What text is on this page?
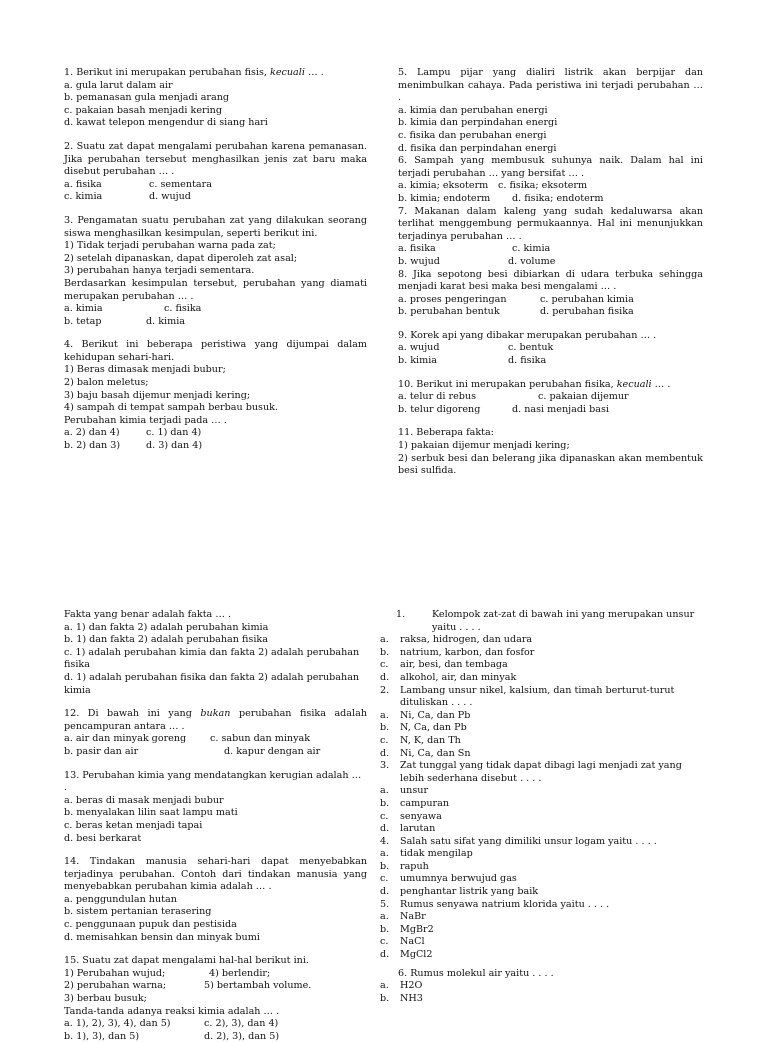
1. Berikut ini merupakan perubahan fisis, kecuali … .

a. gula larut dalam air

b. pemanasan gula menjadi arang

c. pakaian basah menjadi kering

d. kawat telepon mengendur di siang hari

2. Suatu zat dapat mengalami perubahan karena pemanasan. Jika perubahan tersebut menghasilkan jenis zat baru maka disebut perubahan … .

a. fisika	c. sementara
c. kimia	d. wujud

3. Pengamatan suatu perubahan zat yang dilakukan seorang siswa menghasilkan kesimpulan, seperti berikut ini.

1) Tidak terjadi perubahan warna pada zat;

2) setelah dipanaskan, dapat diperoleh zat asal;

3) perubahan hanya terjadi sementara.

Berdasarkan kesimpulan tersebut, perubahan yang diamati merupakan perubahan … .

a. kimia	c. fisika
b. tetap	d. kimia

4. Berikut ini beberapa peristiwa yang dijumpai dalam kehidupan sehari-hari.

1) Beras dimasak menjadi bubur;

2) balon meletus;

3) baju basah dijemur menjadi kering;

4) sampah di tempat sampah berbau busuk.

Perubahan kimia terjadi pada … .

a. 2) dan 4)	c. 1) dan 4)
b. 2) dan 3)	d. 3) dan 4)

5. Lampu pijar yang dialiri listrik akan berpijar dan menimbulkan cahaya. Pada peristiwa ini terjadi perubahan … .

a. kimia dan perubahan energi

b. kimia dan perpindahan energi

c. fisika dan perubahan energi

d. fisika dan perpindahan energi

6. Sampah yang membusuk suhunya naik. Dalam hal ini terjadi perubahan … yang bersifat … .

a. kimia; eksoterm	c. fisika; eksoterm
b. kimia; endoterm	d. fisika; endoterm

7. Makanan dalam kaleng yang sudah kedaluwarsa akan terlihat menggembung permukaannya. Hal ini menunjukkan terjadinya perubahan … .

a. fisika	c. kimia
b. wujud	d. volume

8. Jika sepotong besi dibiarkan di udara terbuka sehingga menjadi karat besi maka besi mengalami … .

a. proses pengeringan	c. perubahan kimia
b. perubahan bentuk	d. perubahan fisika

9. Korek api yang dibakar merupakan perubahan … .

a. wujud	c. bentuk
b. kimia	d. fisika

10. Berikut ini merupakan perubahan fisika, kecuali … .

a. telur di rebus	c. pakaian dijemur
b. telur digoreng	d. nasi menjadi basi

11. Beberapa fakta:

1) pakaian dijemur menjadi kering;

2) serbuk besi dan belerang jika dipanaskan akan membentuk besi sulfida.

Fakta yang benar adalah fakta … .

a. 1) dan fakta 2) adalah perubahan kimia

b. 1) dan fakta 2) adalah perubahan fisika

c. 1) adalah perubahan kimia dan fakta 2) adalah perubahan fisika

d. 1) adalah perubahan fisika dan fakta 2) adalah perubahan kimia

12. Di bawah ini yang bukan perubahan fisika adalah pencampuran antara … .

a. air dan minyak goreng	c. sabun dan minyak
b. pasir dan air	d. kapur dengan air

13. Perubahan kimia yang mendatangkan kerugian adalah … .

a. beras di masak menjadi bubur

b. menyalakan lilin saat lampu mati

c. beras ketan menjadi tapai

d. besi berkarat

14. Tindakan manusia sehari-hari dapat menyebabkan terjadinya perubahan. Contoh dari tindakan manusia yang menyebabkan perubahan kimia adalah … .

a. penggundulan hutan

b. sistem pertanian terasering

c. penggunaan pupuk dan pestisida

d. memisahkan bensin dan minyak bumi

15. Suatu zat dapat mengalami hal-hal berikut ini.

1) Perubahan wujud;	4) berlendir;
2) perubahan warna;	5) bertambah volume.

3) berbau busuk;

Tanda-tanda adanya reaksi kimia adalah … .

a. 1), 2), 3), 4), dan 5)	c. 2), 3), dan 4)
b. 1), 3), dan 5)	d. 2), 3), dan 5)
1.	Kelompok zat-zat di bawah ini yang merupakan unsur yaitu . . . .
a.	raksa, hidrogen, dan udara
b.	natrium, karbon, dan fosfor
c.	air, besi, dan tembaga
d.	alkohol, air, dan minyak
2.	Lambang unsur nikel, kalsium, dan timah berturut-turut dituliskan . . . .
a.	Ni, Ca, dan Pb
b.	N, Ca, dan Pb
c.	N, K, dan Th
d.	Ni, Ca, dan Sn
3.	Zat tunggal yang tidak dapat dibagi lagi menjadi zat yang lebih sederhana disebut . . . .
a.	unsur
b.	campuran
c.	senyawa
d.	larutan
4.	Salah satu sifat yang dimiliki unsur logam yaitu . . . .
a.	tidak mengilap
b.	rapuh
c.	umumnya berwujud gas
d.	penghantar listrik yang baik
5.	Rumus senyawa natrium klorida yaitu . . . .
a.	NaBr
b.	MgBr2
c.	NaCl
d.	MgCl2
6. Rumus molekul air yaitu . . . .
a.	H2O
b.	NH3
